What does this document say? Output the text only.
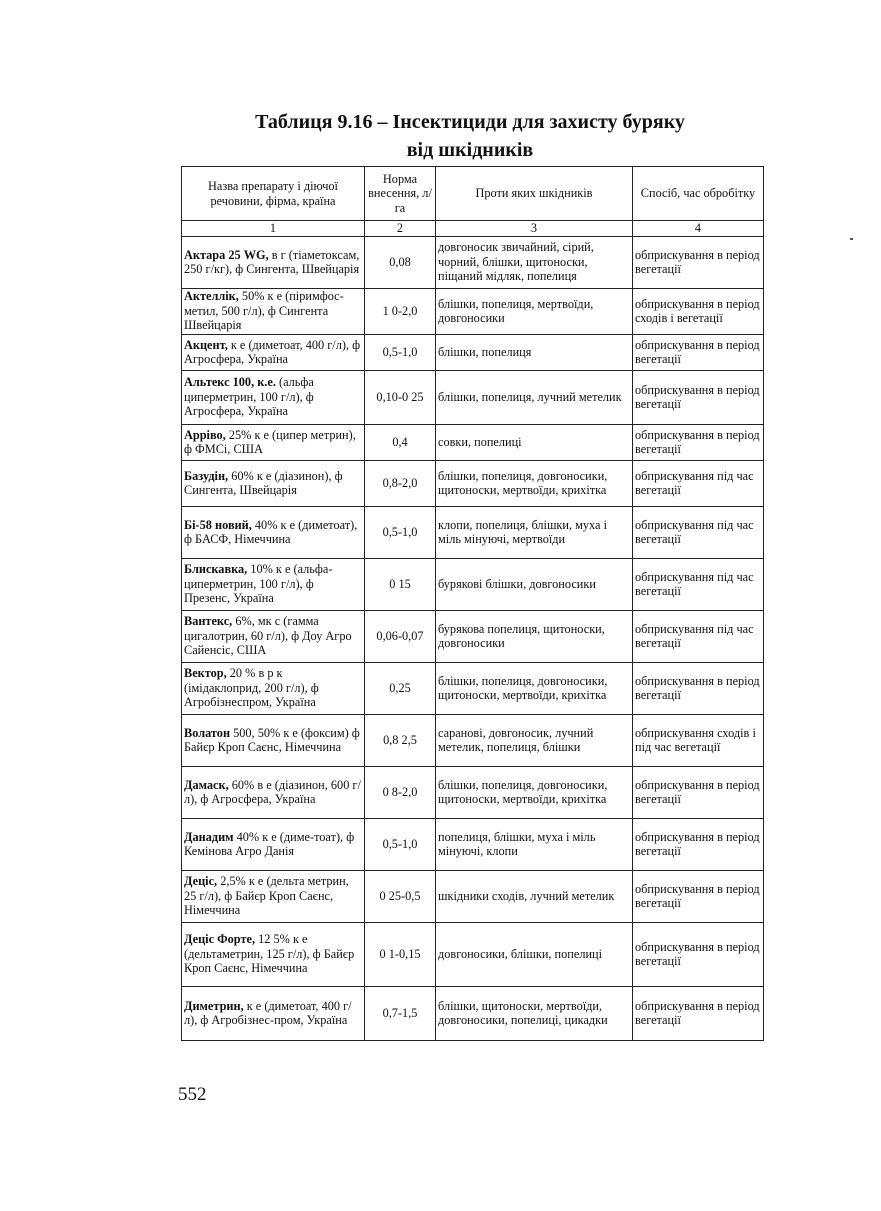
Таблиця 9.16 – Інсектициди для захисту буряку
від шкідників
Назва препарату і діючої речовини, фірма, країна	Норма внесення, л/га	Проти яких шкідників	Спосіб, час обробітку
1	2	3	4
Актара 25 WG, в г (тіаметоксам, 250 г/кг), ф Сингента, Швейцарія	0,08	довгоносик звичайний, сірий, чорний, блішки, щитоноски, піщаний мідляк, попелиця	обприскування в період вегетації
Актеллік, 50% к е (піримфос-метил, 500 г/л), ф Сингента Швейцарія	1 0-2,0	блішки, попелиця, мертвоїди, довгоносики	обприскування в період сходів і вегетації
Акцент, к е (диметоат, 400 г/л), ф Агросфера, Україна	0,5-1,0	блішки, попелиця	обприскування в період вегетації
Альтекс 100, к.е. (альфа циперметрин, 100 г/л), ф Агросфера, Україна	0,10-0 25	блішки, попелиця, лучний метелик	обприскування в період вегетації
Арріво, 25% к е (ципер метрин), ф ФМСі, США	0,4	совки, попелиці	обприскування в період вегетації
Базудін, 60% к е (діазинон), ф Сингента, Швейцарія	0,8-2,0	блішки, попелиця, довгоносики, щитоноски, мертвоїди, крихітка	обприскування під час вегетації
Бі-58 новий, 40% к е (диметоат), ф БАСФ, Німеччина	0,5-1,0	клопи, попелиця, блішки, муха і міль мінуючі, мертвоїди	обприскування під час вегетації
Блискавка, 10% к е (альфа-циперметрин, 100 г/л), ф Презенс, Україна	0 15	бурякові блішки, довгоносики	обприскування під час вегетації
Вантекс, 6%, мк с (гамма цигалотрин, 60 г/л), ф Доу Агро Сайенсіс, США	0,06-0,07	бурякова попелиця, щитоноски, довгоносики	обприскування під час вегетації
Вектор, 20 % в р к (імідаклоприд, 200 г/л), ф Агробізнеспром, Україна	0,25	блішки, попелиця, довгоносики, щитоноски, мертвоїди, крихітка	обприскування в період вегетації
Волатон 500, 50% к е (фоксим) ф Байєр Кроп Саєнс, Німеччина	0,8 2,5	саранові, довгоносик, лучний метелик, попелиця, блішки	обприскування сходів і під час вегетації
Дамаск, 60% в е (діазинон, 600 г/л), ф Агросфера, Україна	0 8-2,0	блішки, попелиця, довгоносики, щитоноски, мертвоїди, крихітка	обприскування в період вегетації
Данадим 40% к е (диме-тоат), ф Кемінова Агро Данія	0,5-1,0	попелиця, блішки, муха і міль мінуючі, клопи	обприскування в період вегетації
Деціс, 2,5% к е (дельта метрин, 25 г/л), ф Байєр Кроп Саєнс, Німеччина	0 25-0,5	шкідники сходів, лучний метелик	обприскування в період вегетації
Деціс Форте, 12 5% к е (дельтаметрин, 125 г/л), ф Байєр Кроп Саєнс, Німеччина	0 1-0,15	довгоносики, блішки, попелиці	обприскування в період вегетації
Диметрин, к е (диметоат, 400 г/л), ф Агробізнес-пром, Україна	0,7-1,5	блішки, щитоноски, мертвоїди, довгоносики, попелиці, цикадки	обприскування в період вегетації
552
